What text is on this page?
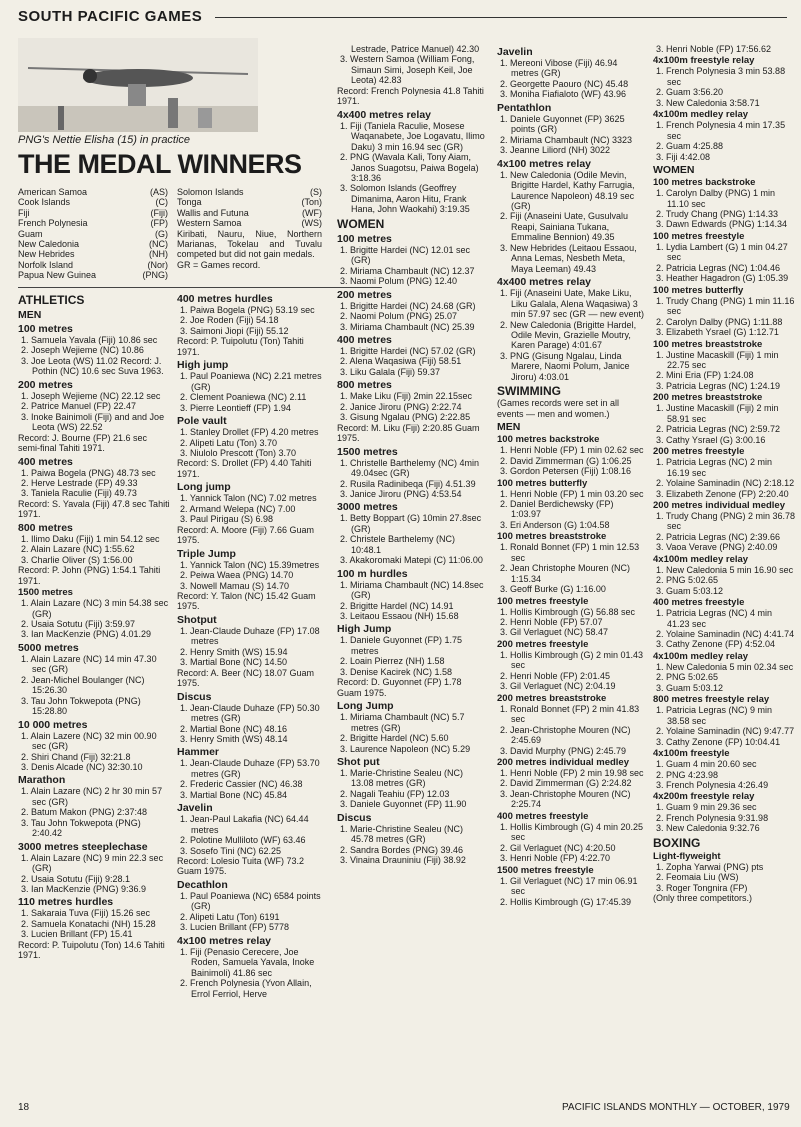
SOUTH PACIFIC GAMES
PNG's Nettie Elisha (15) in practice
THE MEDAL WINNERS
American Samoa	(AS)
Cook Islands	(C)
Fiji	(Fiji)
French Polynesia	(FP)
Guam	(G)
New Caledonia	(NC)
New Hebrides	(NH)
Norfolk Island	(Nor)
Papua New Guinea	(PNG)
Solomon Islands	(S)
Tonga	(Ton)
Wallis and Futuna	(WF)
Western Samoa	(WS)
Kiribati, Nauru, Niue, Northern Marianas, Tokelau and Tuvalu competed but did not gain medals.
GR = Games record.

ATHLETICS

MEN

100 metres

1. Samuela Yavala (Fiji) 10.86 sec

2. Joseph Wejieme (NC) 10.86

3. Joe Leota (WS) 11.02 Record: J. Pothin (NC) 10.6 sec Suva 1963.

200 metres

1. Joseph Wejieme (NC) 22.12 sec

2. Patrice Manuel (FP) 22.47

3. Inoke Bainimoli (Fiji) and and Joe Leota (WS) 22.52

Record: J. Bourne (FP) 21.6 sec semi-final Tahiti 1971.

400 metres

1. Paiwa Bogela (PNG) 48.73 sec

2. Herve Lestrade (FP) 49.33

3. Taniela Raculie (Fiji) 49.73

Record: S. Yavala (Fiji) 47.8 sec Tahiti 1971.

800 metres

1. Ilimo Daku (Fiji) 1 min 54.12 sec

2. Alain Lazare (NC) 1:55.62

3. Charlie Oliver (S) 1:56.00

Record: P. John (PNG) 1:54.1 Tahiti 1971.

1500 metres

1. Alain Lazare (NC) 3 min 54.38 sec (GR)

2. Usaia Sotutu (Fiji) 3:59.97

3. Ian MacKenzie (PNG) 4.01.29

5000 metres

1. Alain Lazare (NC) 14 min 47.30 sec (GR)

2. Jean-Michel Boulanger (NC) 15:26.30

3. Tau John Tokwepota (PNG) 15:28.80

10 000 metres

1. Alain Lazere (NC) 32 min 00.90 sec (GR)

2. Shiri Chand (Fiji) 32:21.8

3. Denis Alcade (NC) 32:30.10

Marathon

1. Alain Lazare (NC) 2 hr 30 min 57 sec (GR)

2. Batum Makon (PNG) 2:37:48

3. Tau John Tokwepota (PNG) 2:40.42

3000 metres steeplechase

1. Alain Lazare (NC) 9 min 22.3 sec (GR)

2. Usaia Sotutu (Fiji) 9:28.1

3. Ian MacKenzie (PNG) 9:36.9

110 metres hurdles

1. Sakaraia Tuva (Fiji) 15.26 sec

2. Samuela Konatachi (NH) 15.28

3. Lucien Brillant (FP) 15.41

Record: P. Tuipolutu (Ton) 14.6 Tahiti 1971.

400 metres hurdles

1. Paiwa Bogela (PNG) 53.19 sec

2. Joe Roden (Fiji) 54.18

3. Saimoni Jiopi (Fiji) 55.12

Record: P. Tuipolutu (Ton) Tahiti 1971.

High jump

1. Paul Poaniewa (NC) 2.21 metres (GR)

2. Clement Poaniewa (NC) 2.11

3. Pierre Leontieff (FP) 1.94

Pole vault

1. Stanley Drollet (FP) 4.20 metres

2. Alipeti Latu (Ton) 3.70

3. Niulolo Prescott (Ton) 3.70

Record: S. Drollet (FP) 4.40 Tahiti 1971.

Long jump

1. Yannick Talon (NC) 7.02 metres

2. Armand Welepa (NC) 7.00

3. Paul Pirigau (S) 6.98

Record: A. Moore (Fiji) 7.66 Guam 1975.

Triple Jump

1. Yannick Talon (NC) 15.39metres

2. Peiwa Waea (PNG) 14.70

3. Nowell Mamau (S) 14.70

Record: Y. Talon (NC) 15.42 Guam 1975.

Shotput

1. Jean-Claude Duhaze (FP) 17.08 metres

2. Henry Smith (WS) 15.94

3. Martial Bone (NC) 14.50

Record: A. Beer (NC) 18.07 Guam 1975.

Discus

1. Jean-Claude Duhaze (FP) 50.30 metres (GR)

2. Martial Bone (NC) 48.16

3. Henry Smith (WS) 48.14

Hammer

1. Jean-Claude Duhaze (FP) 53.70 metres (GR)

2. Frederic Cassier (NC) 46.38

3. Martial Bone (NC) 45.84

Javelin

1. Jean-Paul Lakafia (NC) 64.44 metres

2. Polotine Mulliloto (WF) 63.46

3. Sosefo Tini (NC) 62.25

Record: Lolesio Tuita (WF) 73.2 Guam 1975.

Decathlon

1. Paul Poaniewa (NC) 6584 points (GR)

2. Alipeti Latu (Ton) 6191

3. Lucien Brillant (FP) 5778

4x100 metres relay

1. Fiji (Penasio Cerecere, Joe Roden, Samuela Yavala, Inoke Bainimoli) 41.86 sec

2. French Polynesia (Yvon Allain, Errol Ferriol, Herve

Lestrade, Patrice Manuel) 42.30

3. Western Samoa (William Fong, Simaun Simi, Joseph Keil, Joe Leota) 42.83

Record: French Polynesia 41.8 Tahiti 1971.

4x400 metres relay

1. Fiji (Taniela Raculie, Mosese Waqanabete, Joe Logavatu, Ilimo Daku) 3 min 16.94 sec (GR)

2. PNG (Wavala Kali, Tony Aiam, Janos Suagotsu, Paiwa Bogela) 3:18.36

3. Solomon Islands (Geoffrey Dimanima, Aaron Hitu, Frank Hana, John Waokahi) 3:19.35

WOMEN

100 metres

1. Brigitte Hardei (NC) 12.01 sec (GR)

2. Miriama Chambault (NC) 12.37

3. Naomi Polum (PNG) 12.40

200 metres

1. Brigitte Hardei (NC) 24.68 (GR)

2. Naomi Polum (PNG) 25.07

3. Miriama Chambault (NC) 25.39

400 metres

1. Brigitte Hardei (NC) 57.02 (GR)

2. Alena Waqasiwa (Fiji) 58.51

3. Liku Galala (Fiji) 59.37

800 metres

1. Make Liku (Fiji) 2min 22.15sec

2. Janice Jiroru (PNG) 2:22.74

3. Gisung Ngalau (PNG) 2:22.85

Record: M. Liku (Fiji) 2:20.85 Guam 1975.

1500 metres

1. Christelle Barthelemy (NC) 4min 49.04sec (GR)

2. Rusila Radinibeqa (Fiji) 4.51.39

3. Janice Jiroru (PNG) 4:53.54

3000 metres

1. Betty Boppart (G) 10min 27.8sec (GR)

2. Christele Barthelemy (NC) 10:48.1

3. Akakoromaki Matepi (C) 11:06.00

100 m hurdles

1. Miriama Chambault (NC) 14.8sec (GR)

2. Brigitte Hardel (NC) 14.91

3. Leitaou Essaou (NH) 15.68

High Jump

1. Daniele Guyonnet (FP) 1.75 metres

2. Loain Pierrez (NH) 1.58

3. Denise Kacirek (NC) 1.58

Record: D. Guyonnet (FP) 1.78 Guam 1975.

Long Jump

1. Miriama Chambault (NC) 5.7 metres (GR)

2. Brigitte Hardel (NC) 5.60

3. Laurence Napoleon (NC) 5.29

Shot put

1. Marie-Christine Sealeu (NC) 13.08 metres (GR)

2. Nagali Teahiu (FP) 12.03

3. Daniele Guyonnet (FP) 11.90

Discus

1. Marie-Christine Sealeu (NC) 45.78 metres (GR)

2. Sandra Bordes (PNG) 39.46

3. Vinaina Drauniniu (Fiji) 38.92

Javelin

1. Mereoni Vibose (Fiji) 46.94 metres (GR)

2. Georgette Paouro (NC) 45.48

3. Moniha Fiafialoto (WF) 43.96

Pentathlon

1. Daniele Guyonnet (FP) 3625 points (GR)

2. Miriama Chambault (NC) 3323

3. Jeanne Liliord (NH) 3022

4x100 metres relay

1. New Caledonia (Odile Mevin, Brigitte Hardel, Kathy Farrugia, Laurence Napoleon) 48.19 sec (GR)

2. Fiji (Anaseini Uate, Gusulvalu Reapi, Sainiana Tukana, Emmaline Bennion) 49.35

3. New Hebrides (Leitaou Essaou, Anna Lemas, Nesbeth Meta, Maya Leeman) 49.43

4x400 metres relay

1. Fiji (Anaseini Uate, Make Liku, Liku Galala, Alena Waqasiwa) 3 min 57.97 sec (GR — new event)

2. New Caledonia (Brigitte Hardel, Odile Mevin, Grazielle Moutry, Karen Parage) 4:01.67

3. PNG (Gisung Ngalau, Linda Marere, Naomi Polum, Janice Jiroru) 4:03.01

SWIMMING

(Games records were set in all events — men and women.)

MEN

100 metres backstroke

1. Henri Noble (FP) 1 min 02.62 sec

2. David Zimmerman (G) 1:06.25

3. Gordon Petersen (Fiji) 1:08.16

100 metres butterfly

1. Henri Noble (FP) 1 min 03.20 sec

2. Daniel Berdichewsky (FP) 1:03.97

3. Eri Anderson (G) 1:04.58

100 metres breaststroke

1. Ronald Bonnet (FP) 1 min 12.53 sec

2. Jean Christophe Mouren (NC) 1:15.34

3. Geoff Burke (G) 1:16.00

100 metres freestyle

1. Hollis Kimbrough (G) 56.88 sec

2. Henri Noble (FP) 57.07

3. Gil Verlaguet (NC) 58.47

200 metres freestyle

1. Hollis Kimbrough (G) 2 min 01.43 sec

2. Henri Noble (FP) 2:01.45

3. Gil Verlaguet (NC) 2:04.19

200 metres breaststroke

1. Ronald Bonnet (FP) 2 min 41.83 sec

2. Jean-Christophe Mouren (NC) 2:45.69

3. David Murphy (PNG) 2:45.79

200 metres individual medley

1. Henri Noble (FP) 2 min 19.98 sec

2. David Zimmerman (G) 2:24.82

3. Jean-Christophe Mouren (NC) 2:25.74

400 metres freestyle

1. Hollis Kimbrough (G) 4 min 20.25 sec

2. Gil Verlaguet (NC) 4:20.50

3. Henri Noble (FP) 4:22.70

1500 metres freestyle

1. Gil Verlaguet (NC) 17 min 06.91 sec

2. Hollis Kimbrough (G) 17:45.39

3. Henri Noble (FP) 17:56.62

4x100m freestyle relay

1. French Polynesia 3 min 53.88 sec

2. Guam 3:56.20

3. New Caledonia 3:58.71

4x100m medley relay

1. French Polynesia 4 min 17.35 sec

2. Guam 4:25.88

3. Fiji 4:42.08

WOMEN

100 metres backstroke

1. Carolyn Dalby (PNG) 1 min 11.10 sec

2. Trudy Chang (PNG) 1:14.33

3. Dawn Edwards (PNG) 1:14.34

100 metres freestyle

1. Lydia Lambert (G) 1 min 04.27 sec

2. Patricia Legras (NC) 1:04.46

3. Heather Hagadron (G) 1:05.39

100 metres butterfly

1. Trudy Chang (PNG) 1 min 11.16 sec

2. Carolyn Dalby (PNG) 1:11.88

3. Elizabeth Ysrael (G) 1:12.71

100 metres breaststroke

1. Justine Macaskill (Fiji) 1 min 22.75 sec

2. Mini Eria (FP) 1:24.08

3. Patricia Legras (NC) 1:24.19

200 metres breaststroke

1. Justine Macaskill (Fiji) 2 min 58.91 sec

2. Patricia Legras (NC) 2:59.72

3. Cathy Ysrael (G) 3:00.16

200 metres freestyle

1. Patricia Legras (NC) 2 min 16.19 sec

2. Yolaine Saminadin (NC) 2:18.12

3. Elizabeth Zenone (FP) 2:20.40

200 metres individual medley

1. Trudy Chang (PNG) 2 min 36.78 sec

2. Patricia Legras (NC) 2:39.66

3. Vaoa Verave (PNG) 2:40.09

4x100m medley relay

1. New Caledonia 5 min 16.90 sec

2. PNG 5:02.65

3. Guam 5:03.12

400 metres freestyle

1. Patricia Legras (NC) 4 min 41.23 sec

2. Yolaine Saminadin (NC) 4:41.74

3. Cathy Zenone (FP) 4:52.04

4x100m medley relay

1. New Caledonia 5 min 02.34 sec

2. PNG 5:02.65

3. Guam 5:03.12

800 metres freestyle relay

1. Patricia Legras (NC) 9 min 38.58 sec

2. Yolaine Saminadin (NC) 9:47.77

3. Cathy Zenone (FP) 10:04.41

4x100m freestyle

1. Guam 4 min 20.60 sec

2. PNG 4:23.98

3. French Polynesia 4:26.49

4x200m freestyle relay

1. Guam 9 min 29.36 sec

2. French Polynesia 9:31.98

3. New Caledonia 9:32.76

BOXING

Light-flyweight

1. Zopha Yarwai (PNG) pts

2. Feomaia Liu (WS)

3. Roger Tongnira (FP)

(Only three competitors.)

18	PACIFIC ISLANDS MONTHLY — OCTOBER, 1979
